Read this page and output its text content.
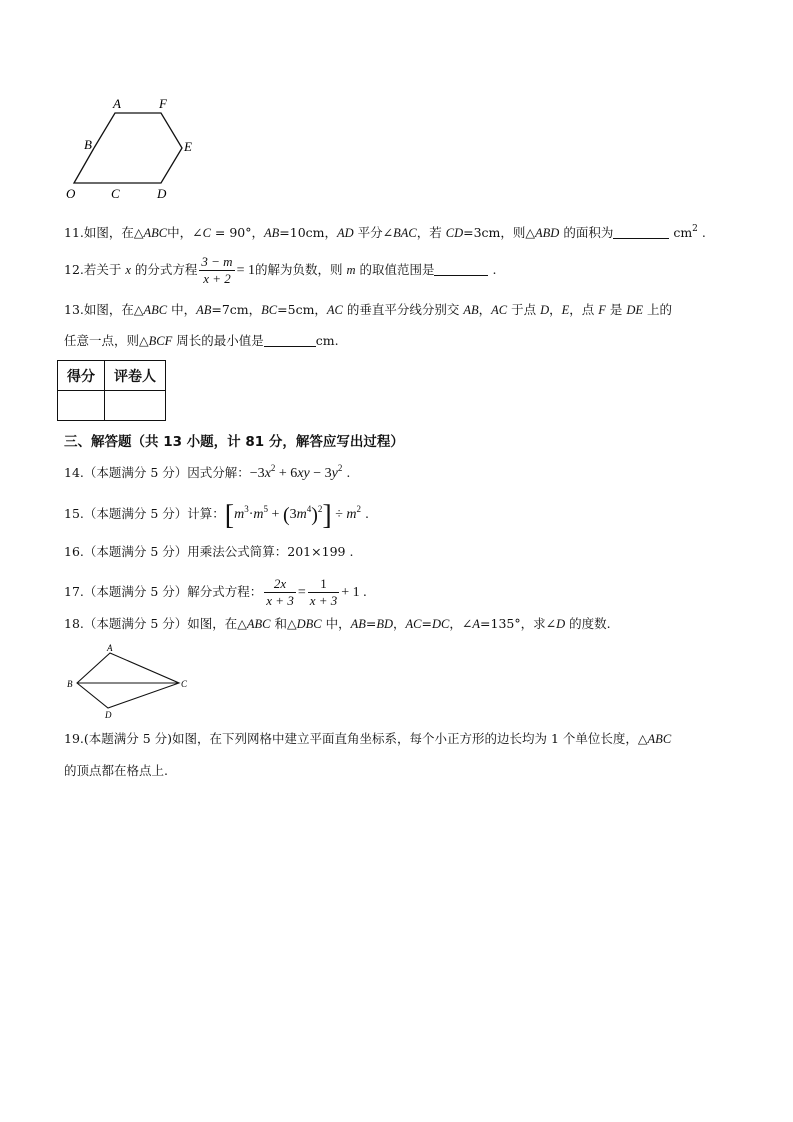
A	F
B	E
O	C	D
11.如图，在△ABC中，∠C = 90°，AB=10cm，AD 平分∠BAC，若 CD=3cm，则△ABD 的面积为	$cm^2$ .
12.若关于 x 的分式方程 $\frac{3 - m}{x + 2} = 1$的解为负数，则 m 的取值范围是	.
13.如图，在△ABC 中，AB=7cm，BC=5cm，AC 的垂直平分线分别交 AB，AC 于点 D，E，点 F 是 DE 上的
任意一点，则△BCF 周长的最小值是	cm.
得分	评卷人

三、解答题（共 13 小题，计 81 分，解答应写出过程）
14.（本题满分 5 分）因式分解：$-3x^2 + 6xy - 3y^2$ .
15.（本题满分 5 分）计算：$[m^3\cdot m^5 + (3m^4)^2] \div m^2$ .
16.（本题满分 5 分）用乘法公式简算：201×199 .
17.（本题满分 5 分）解分式方程： $\frac{2x}{x + 3} = \frac{1}{x + 3} + 1$ .
18.（本题满分 5 分）如图，在△ABC 和△DBC 中，AB=BD，AC=DC，∠A=135°，求∠D 的度数.
A
B	C
D
19.(本题满分 5 分)如图，在下列网格中建立平面直角坐标系，每个小正方形的边长均为 1 个单位长度，△ABC
的顶点都在格点上.
